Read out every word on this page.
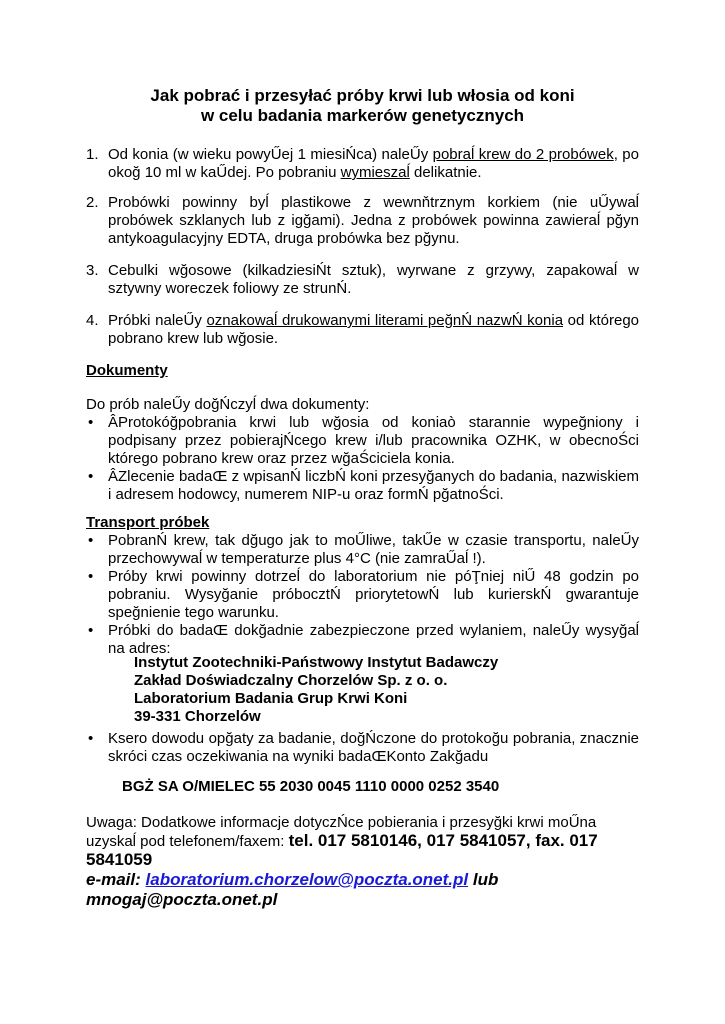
Jak pobrać i przesyłać próby krwi lub włosia od koni
w celu badania markerów genetycznych
1. Od konia (w wieku powyŰej 1 miesiŃca) naleŰy pobraĺ krew do 2 probówek, po okoğ 10 ml w kaŰdej. Po pobraniu wymieszaĺ delikatnie.
2. Probówki powinny byĺ plastikowe z wewnňtrznym korkiem (nie uŰywaĺ probówek szklanych lub z igğami). Jedna z probówek powinna zawieraĺ pğyn antykoagulacyjny EDTA, druga probówka bez pğynu.
3. Cebulki wğosowe (kilkadziesiŃt sztuk), wyrwane z grzywy, zapakowaĺ w sztywny woreczek foliowy ze strunŃ.
4. Próbki naleŰy oznakowaĺ drukowanymi literami peğnŃ nazwŃ konia od którego pobrano krew lub wğosie.
Dokumenty
Do prób naleŰy doğŃczyĺ dwa dokumenty:
• ÂProtokóğpobrania krwi lub wğosia od koniaò starannie wypeğniony i podpisany przez pobierajŃcego krew i/lub pracownika OZHK, w obecnoŚci którego pobrano krew oraz przez wğaŚciciela konia.
• ÂZlecenie badaŒ z wpisanŃ liczbŃ koni przesyğanych do badania, nazwiskiem i adresem hodowcy, numerem NIP-u oraz formŃ pğatnoŚci.
Transport próbek
• PobranŃ krew, tak dğugo jak to moŰliwe, takŰe w czasie transportu, naleŰy przechowywaĺ w temperaturze plus 4°C (nie zamraŰaĺ !).
• Próby krwi powinny dotrzeĺ do laboratorium nie póŢniej niŰ 48 godzin po pobraniu. Wysyğanie próbocztŃ priorytetowŃ lub kurierskŃ gwarantuje speğnienie tego warunku.
• Próbki do badaŒ dokğadnie zabezpieczone przed wylaniem, naleŰy wysyğaĺ na adres:
Instytut Zootechniki-Państwowy Instytut Badawczy
Zakład Doświadczalny Chorzelów Sp. z o. o.
Laboratorium Badania Grup Krwi Koni
39-331 Chorzelów
• Ksero dowodu opğaty za badanie, doğŃczone do protokoğu pobrania, znacznie skróci czas oczekiwania na wyniki badaŒKonto Zakğadu
BGŻ SA O/MIELEC 55 2030 0045 1110 0000 0252 3540
Uwaga: Dodatkowe informacje dotyczŃce pobierania i przesyğki krwi moŰna uzyskaĺ pod telefonem/faxem: tel. 017 5810146, 017 5841057, fax. 017 5841059
e-mail: laboratorium.chorzelow@poczta.onet.pl lub
mnogaj@poczta.onet.pl
